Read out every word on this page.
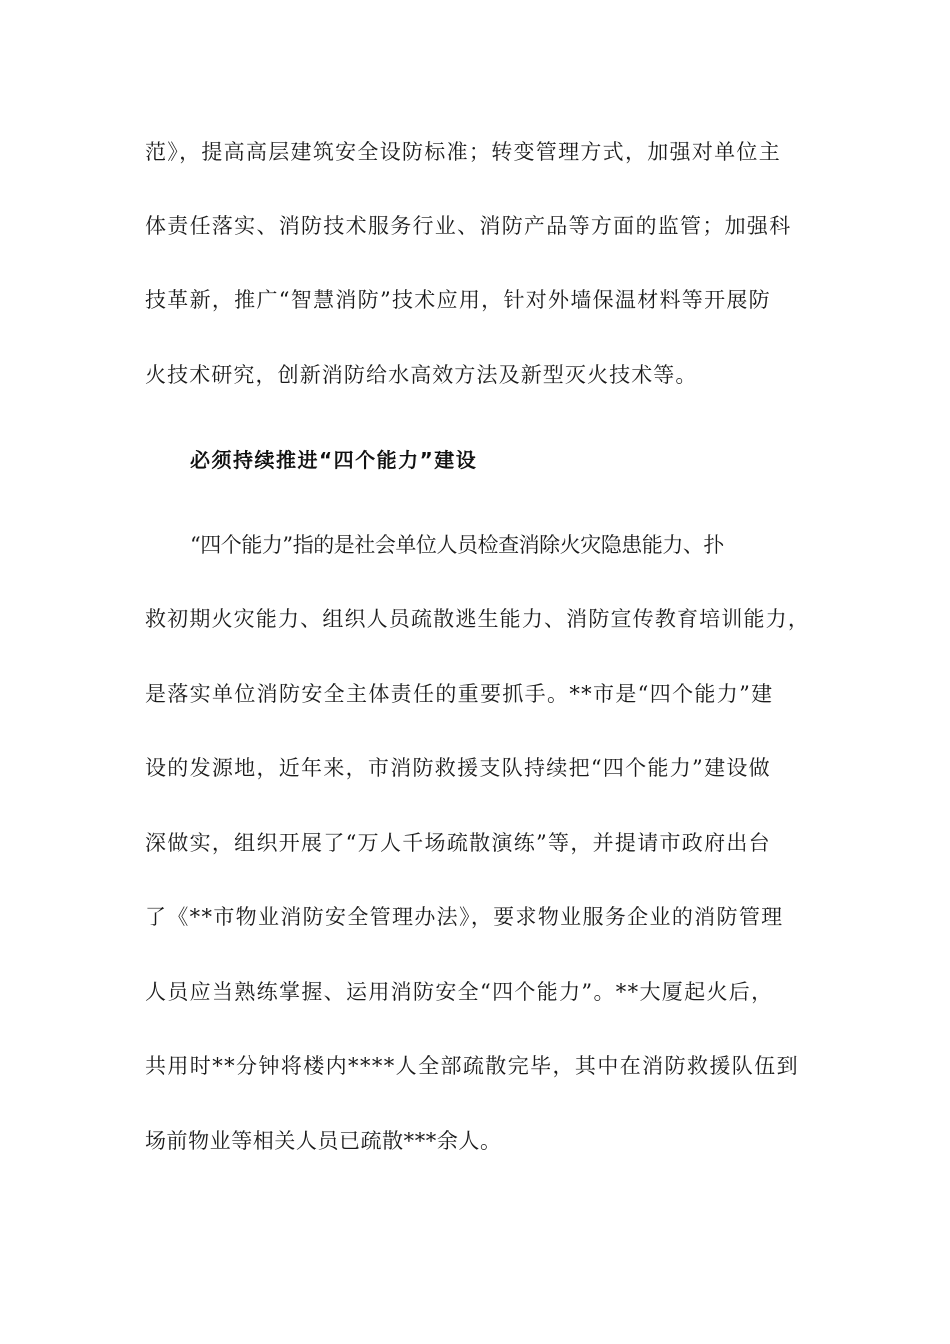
范》，提高高层建筑安全设防标准；转变管理方式，加强对单位主
体责任落实、消防技术服务行业、消防产品等方面的监管；加强科
技革新，推广“智慧消防”技术应用，针对外墙保温材料等开展防
火技术研究，创新消防给水高效方法及新型灭火技术等。
必须持续推进“四个能力”建设
“四个能力”指的是社会单位人员检查消除火灾隐患能力、扑
救初期火灾能力、组织人员疏散逃生能力、消防宣传教育培训能力，
是落实单位消防安全主体责任的重要抓手。**市是“四个能力”建
设的发源地，近年来，市消防救援支队持续把“四个能力”建设做
深做实，组织开展了“万人千场疏散演练”等，并提请市政府出台
了《**市物业消防安全管理办法》，要求物业服务企业的消防管理
人员应当熟练掌握、运用消防安全“四个能力”。**大厦起火后，
共用时**分钟将楼内****人全部疏散完毕，其中在消防救援队伍到
场前物业等相关人员已疏散***余人。
